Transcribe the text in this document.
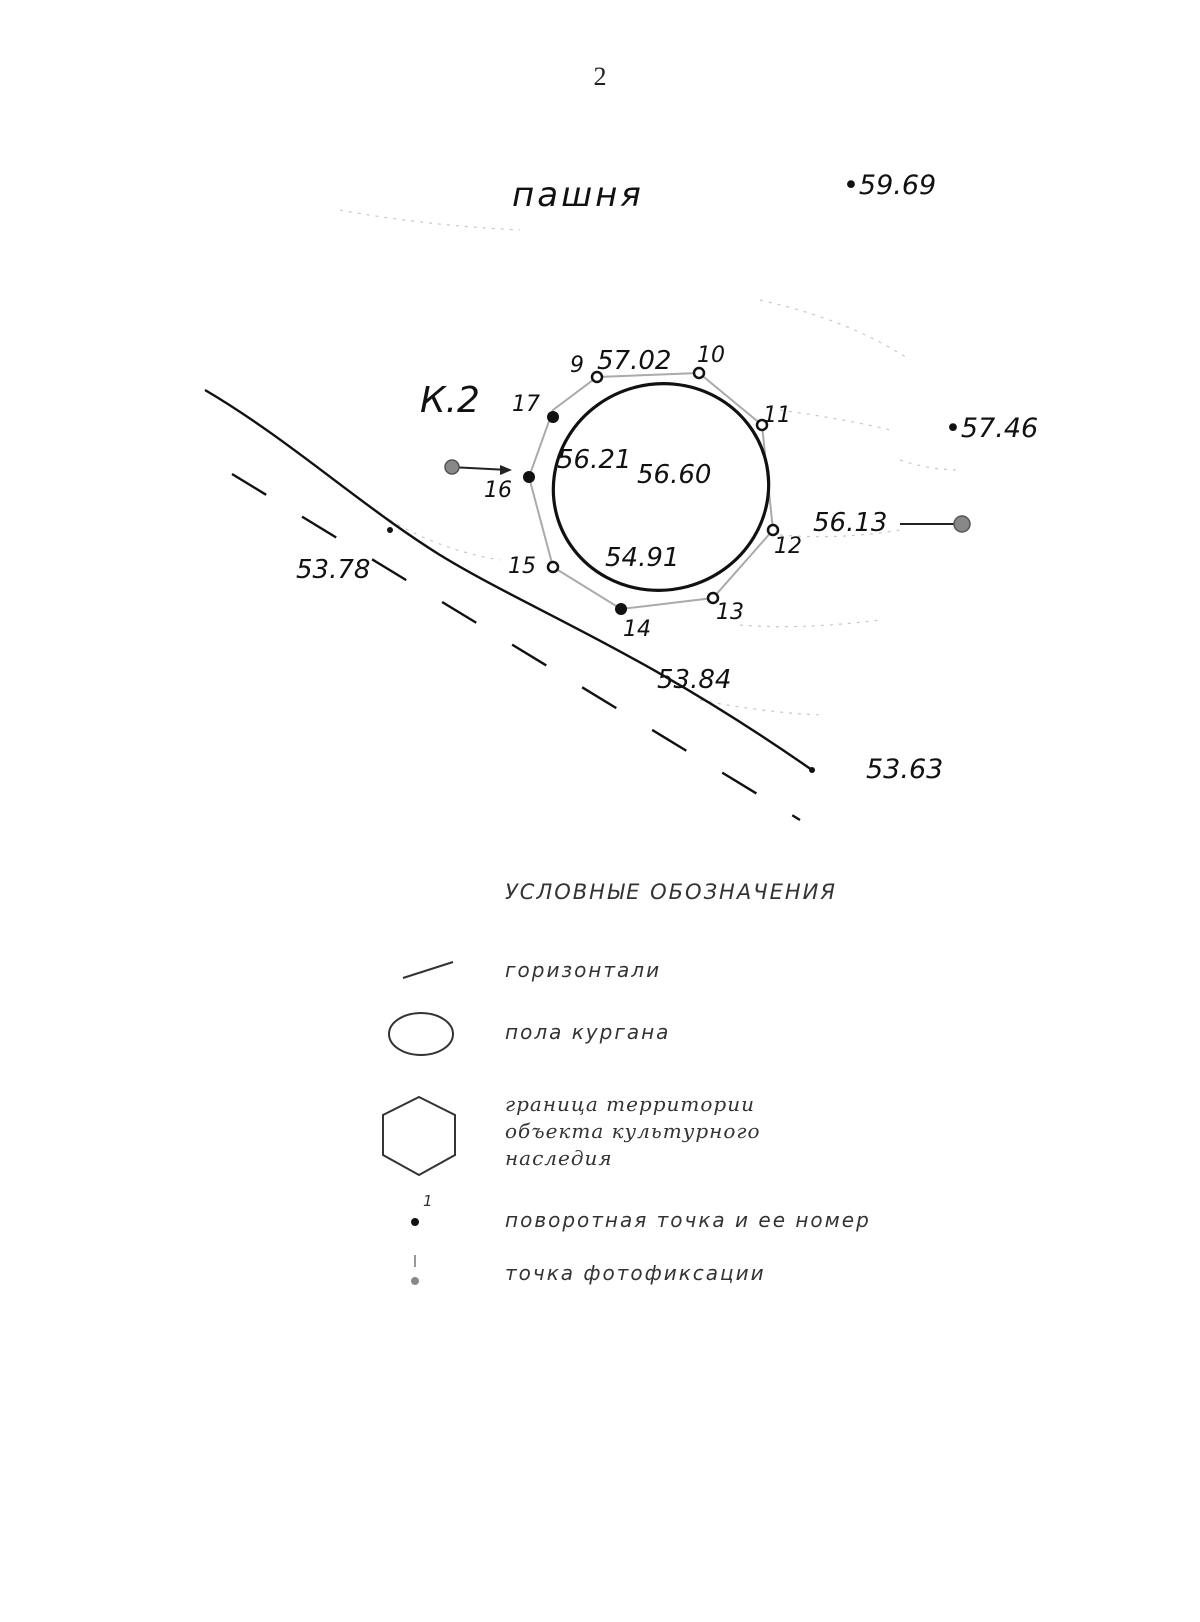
2
пашня
К.2
•59.69
•57.46
57.02
56.21 56.60
56.13
54.91
53.78
53.84
53.63
9	10
11
12
13
14
15
16
17
УСЛОВНЫЕ ОБОЗНАЧЕНИЯ
горизонтали
пола кургана
граница территории
объекта культурного
наследия
1
поворотная точка и ее номер
точка фотофиксации
